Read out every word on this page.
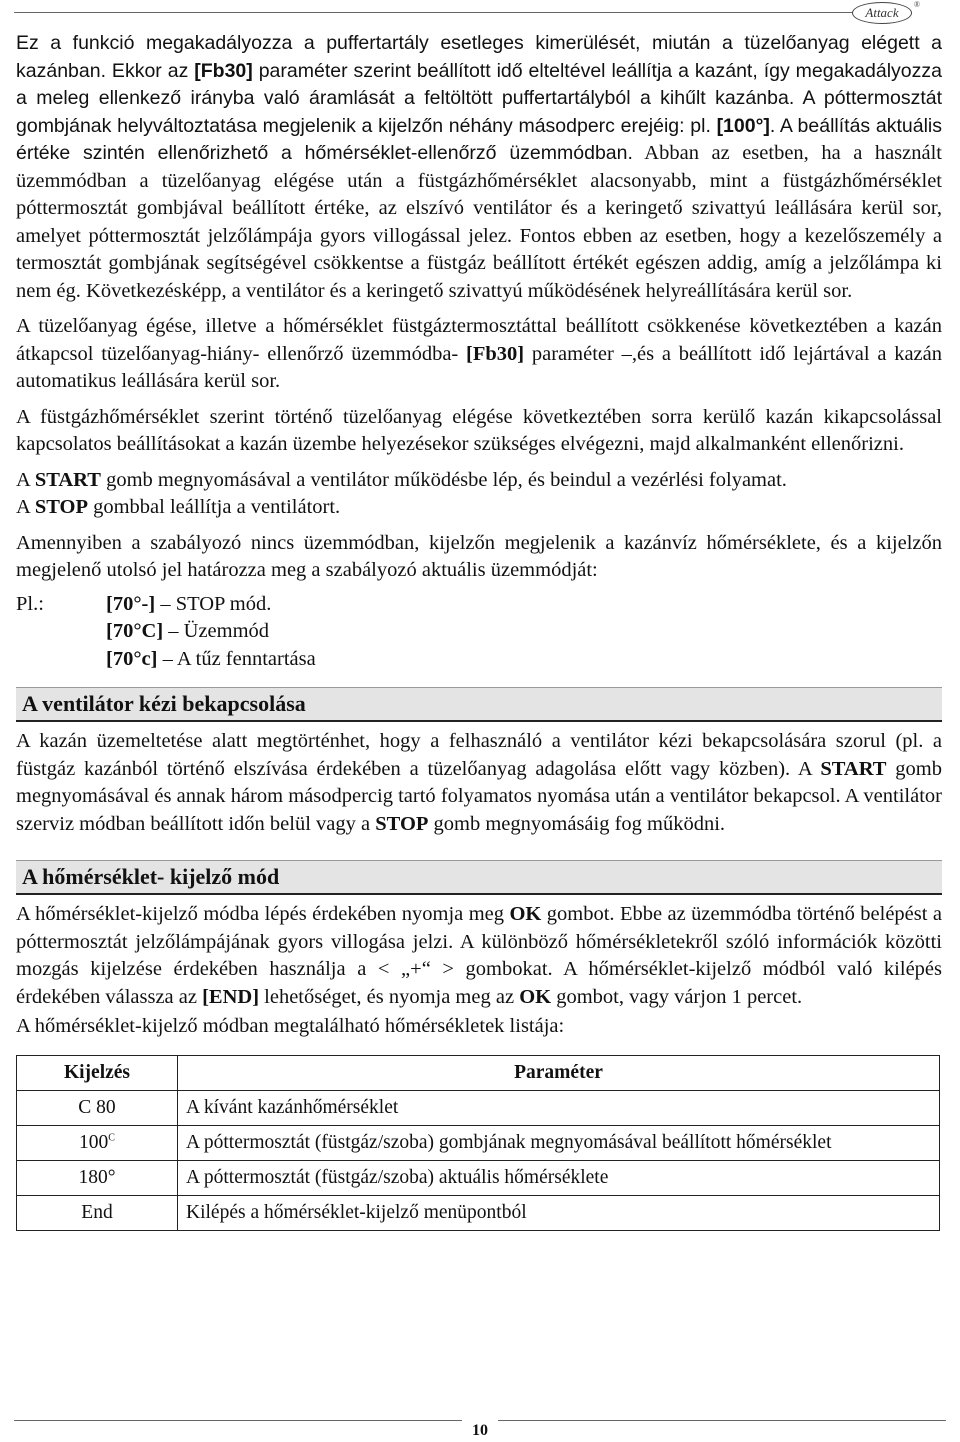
Attack
®

Ez a funkció megakadályozza a puffertartály esetleges kimerülését, miután a tüzelőanyag elégett a kazánban. Ekkor az [Fb30] paraméter szerint beállított idő elteltével leállítja a kazánt, így megakadályozza a meleg ellenkező irányba való áramlását a feltöltött puffertartályból a kihűlt kazánba. A póttermosztát gombjának helyváltoztatása megjelenik a kijelzőn néhány másodperc erejéig: pl. [100°]. A beállítás aktuális értéke szintén ellenőrizhető a hőmérséklet-ellenőrző üzemmódban. Abban az esetben, ha a használt üzemmódban a tüzelőanyag elégése után a füstgázhőmérséklet alacsonyabb, mint a füstgázhőmérséklet póttermosztát gombjával beállított értéke, az elszívó ventilátor és a keringető szivattyú leállására kerül sor, amelyet póttermosztát jelzőlámpája gyors villogással jelez. Fontos ebben az esetben, hogy a kezelőszemély a termosztát gombjának segítségével csökkentse a füstgáz beállított értékét egészen addig, amíg a jelzőlámpa ki nem ég. Következésképp, a ventilátor és a keringető szivattyú működésének helyreállítására kerül sor.

A tüzelőanyag égése, illetve a hőmérséklet füstgáztermosztáttal beállított csökkenése következtében a kazán átkapcsol tüzelőanyag-hiány- ellenőrző üzemmódba- [Fb30] paraméter –,és a beállított idő lejártával a kazán automatikus leállására kerül sor.

A füstgázhőmérséklet szerint történő tüzelőanyag elégése következtében sorra kerülő kazán kikapcsolással kapcsolatos beállításokat a kazán üzembe helyezésekor szükséges elvégezni, majd alkalmanként ellenőrizni.

A START gomb megnyomásával a ventilátor működésbe lép, és beindul a vezérlési folyamat.
A STOP gombbal leállítja a ventilátort.

Amennyiben a szabályozó nincs üzemmódban, kijelzőn megjelenik a kazánvíz hőmérséklete, és a kijelzőn megjelenő utolsó jel határozza meg a szabályozó aktuális üzemmódját:

Pl.:	[70°-] – STOP mód.
[70°C] – Üzemmód
[70°c] – A tűz fenntartása
A ventilátor kézi bekapcsolása

A kazán üzemeltetése alatt megtörténhet, hogy a felhasználó a ventilátor kézi bekapcsolására szorul (pl. a füstgáz kazánból történő elszívása érdekében a tüzelőanyag adagolása előtt vagy közben). A START gomb megnyomásával és annak három másodpercig tartó folyamatos nyomása után a ventilátor bekapcsol. A ventilátor szerviz módban beállított időn belül vagy a STOP gomb megnyomásáig fog működni.

A hőmérséklet- kijelző mód

A hőmérséklet-kijelző módba lépés érdekében nyomja meg OK gombot. Ebbe az üzemmódba történő belépést a póttermosztát jelzőlámpájának gyors villogása jelzi. A különböző hőmérsékletekről szóló információk közötti mozgás kijelzése érdekében használja a < „+“ > gombokat. A hőmérséklet-kijelző módból való kilépés érdekében válassza az [END] lehetőséget, és nyomja meg az OK gombot, vagy várjon 1 percet.

A hőmérséklet-kijelző módban megtalálható hőmérsékletek listája:

Kijelzés	Paraméter
C 80	A kívánt kazánhőmérséklet
$100^C$	A póttermosztát (füstgáz/szoba) gombjának megnyomásával beállított hőmérséklet
180°	A póttermosztát (füstgáz/szoba) aktuális hőmérséklete
End	Kilépés a hőmérséklet-kijelző menüpontból
10
